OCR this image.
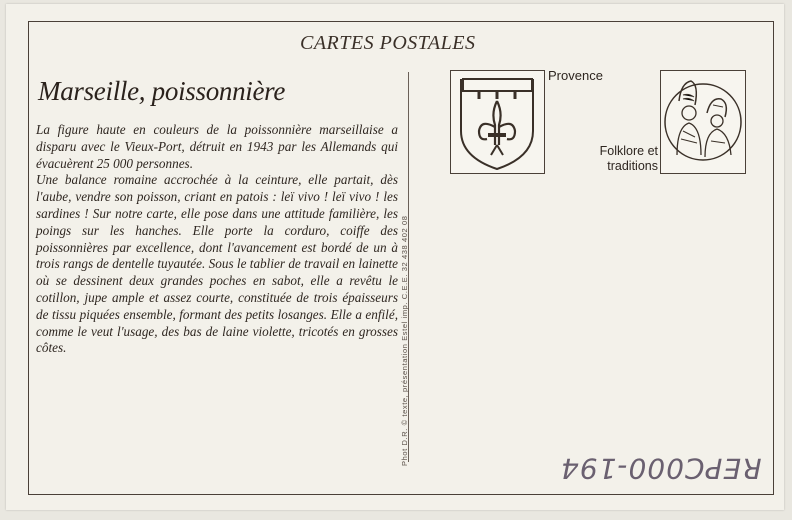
CARTES POSTALES
Marseille, poissonnière

La figure haute en couleurs de la poissonnière marseillaise a disparu avec le Vieux-Port, détruit en 1943 par les Allemands qui évacuèrent 25 000 personnes.

Une balance romaine accrochée à la ceinture, elle partait, dès l'aube, vendre son poisson, criant en patois : leï vivo ! leï vivo ! les sardines ! Sur notre carte, elle pose dans une attitude familière, les poings sur les hanches. Elle porte la corduro, coiffe des poissonnières par excellence, dont l'avancement est bordé de un à trois rangs de dentelle tuyautée. Sous le tablier de travail en lainette où se dessinent deux grandes poches en sabot, elle a revêtu le cotillon, jupe ample et assez courte, constituée de trois épaisseurs de tissu piquées ensemble, formant des petits losanges. Elle a enfilé, comme le veut l'usage, des bas de laine violette, tricotés en grosses côtes.	Phot D.R. © texte, présentation Estel imp. C.E.E. 32 438 402 08
Provence
Folklore et
traditions
REPC000-194
